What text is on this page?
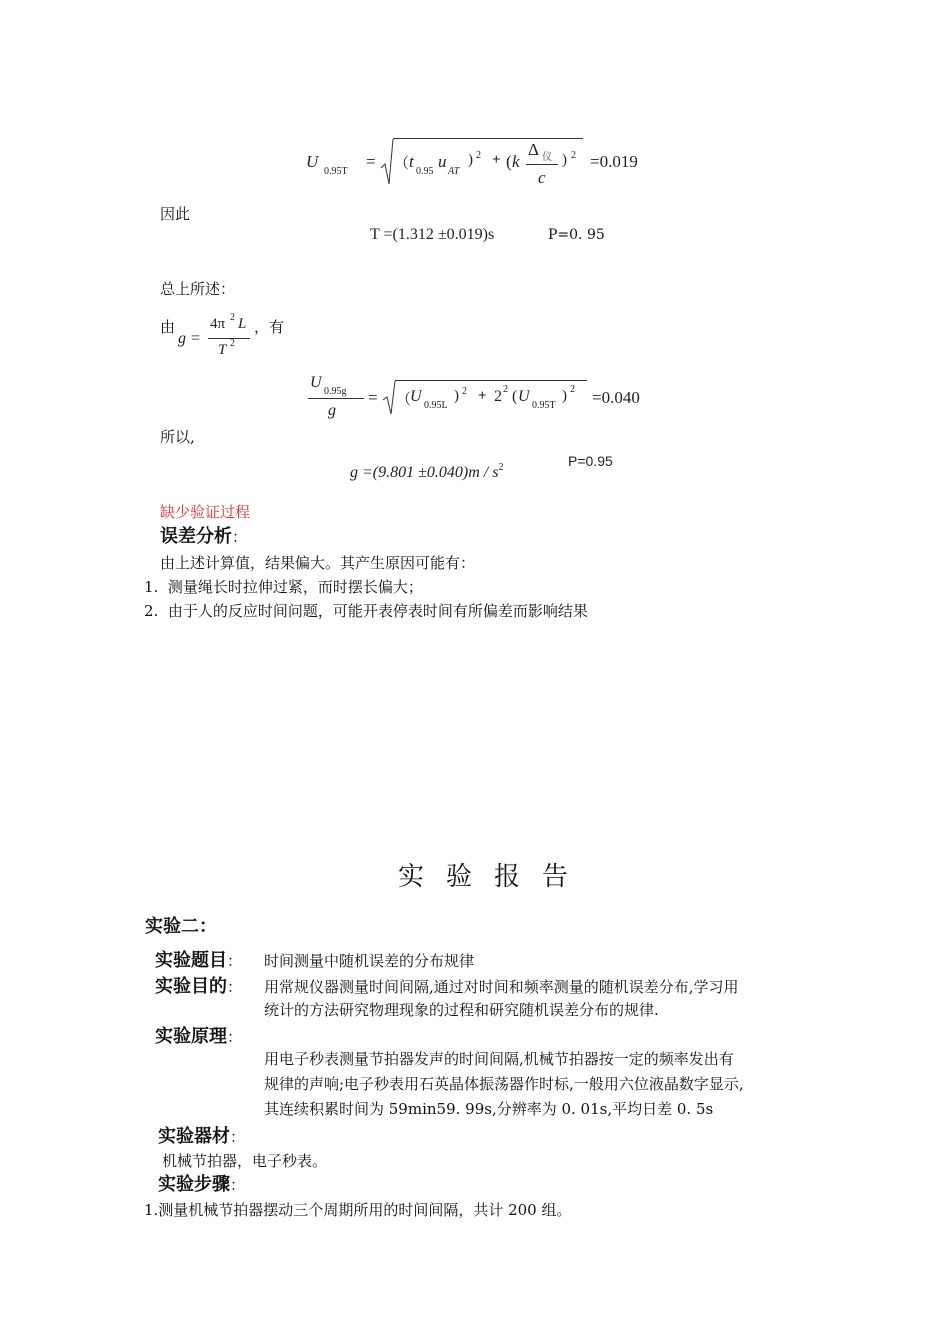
U
0.95T
= （ t
0.95
u
AT
) 2 + ( k
Δ 仪
c
) 2 =0.019
因此
T =(1.312 ±0.019)s	P=0. 95
总上所述：
由
g =
4π 2 L
T 2
，有
U
0.95g
g
= （
U
0.95L
) 2 + 2 2 ( U
0.95T
) 2 =0.040
所以,
$g =(9.801 \pm 0.040)m / s^2$	P=0.95
缺少验证过程
误差分析：
由上述计算值，结果偏大。其产生原因可能有：
1. 测量绳长时拉伸过紧，而时摆长偏大；
2. 由于人的反应时间问题，可能开表停表时间有所偏差而影响结果
实验报告
实验二：
实验题目： 时间测量中随机误差的分布规律
实验目的： 用常规仪器测量时间间隔,通过对时间和频率测量的随机误差分布,学习用
统计的方法研究物理现象的过程和研究随机误差分布的规律.
实验原理：
用电子秒表测量节拍器发声的时间间隔,机械节拍器按一定的频率发出有
规律的声响;电子秒表用石英晶体振荡器作时标,一般用六位液晶数字显示,
其连续积累时间为 59min59. 99s,分辨率为 0. 01s,平均日差 0. 5s
实验器材：
机械节拍器，电子秒表。
实验步骤：
1.测量机械节拍器摆动三个周期所用的时间间隔，共计 200 组。
